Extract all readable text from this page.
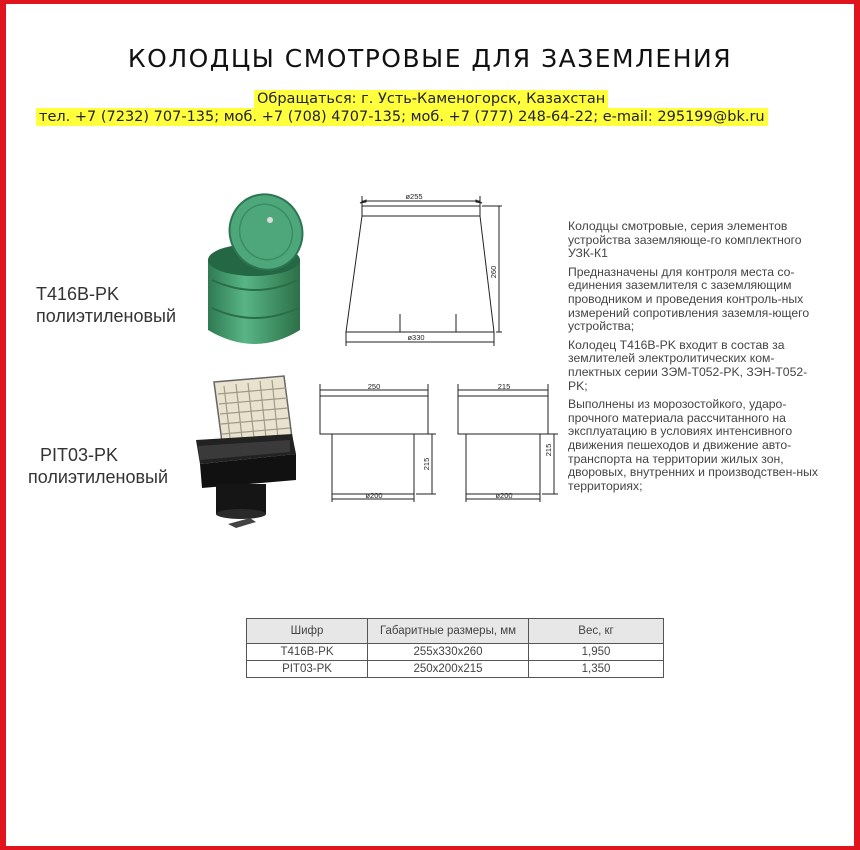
КОЛОДЦЫ СМОТРОВЫЕ ДЛЯ ЗАЗЕМЛЕНИЯ
Обращаться: г. Усть-Каменогорск, Казахстан
тел. +7 (7232) 707-135; моб. +7 (708) 4707-135; моб. +7 (777) 248-64-22; e-mail: 295199@bk.ru
T416B-PK
полиэтиленовый
PIT03-PK
полиэтиленовый
ø255
ø330
260
250
ø200
215
215
ø200
215

Колодцы смотровые, серия элементов устройства заземляюще-го комплектного УЗК-К1

Предназначены для контроля места со-единения заземлителя с заземляющим проводником и проведения контроль-ных измерений сопротивления заземля-ющего устройства;

Колодец T416B-PK входит в состав за землителей электролитических ком-плектных серии ЗЭМ-Т052-PK, ЗЭН-Т052-PK;

Выполнены из морозостойкого, ударо-прочного материала рассчитанного на эксплуатацию в условиях интенсивного движения пешеходов и движение авто-транспорта на территории жилых зон, дворовых, внутренних и производствен-ных территориях;

Шифр	Габаритные размеры, мм	Вес, кг
T416B-PK	255x330x260	1,950
PIT03-PK	250x200x215	1,350
